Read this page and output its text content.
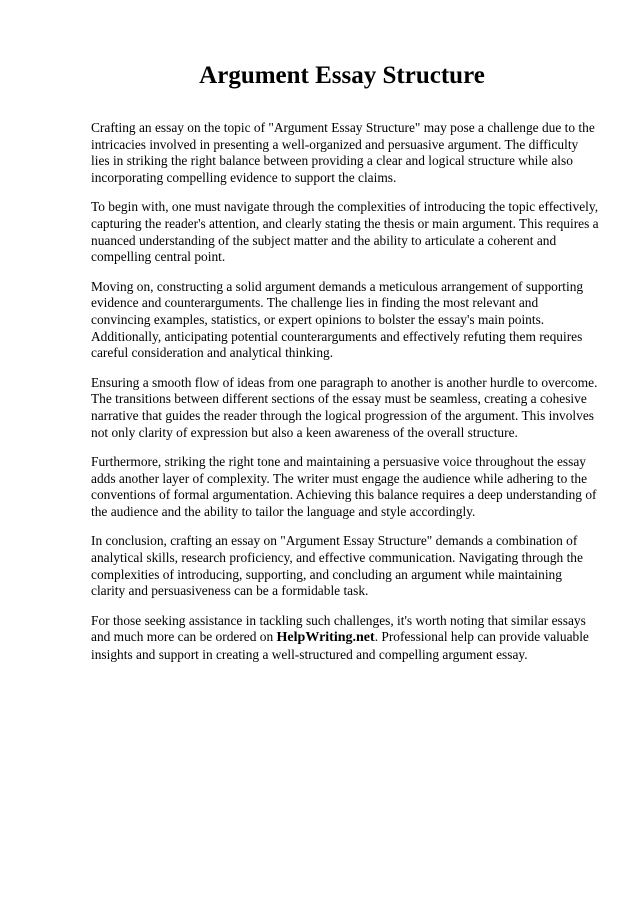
Argument Essay Structure

Crafting an essay on the topic of "Argument Essay Structure" may pose a challenge due to the intricacies involved in presenting a well-organized and persuasive argument. The difficulty lies in striking the right balance between providing a clear and logical structure while also incorporating compelling evidence to support the claims.

To begin with, one must navigate through the complexities of introducing the topic effectively, capturing the reader's attention, and clearly stating the thesis or main argument. This requires a nuanced understanding of the subject matter and the ability to articulate a coherent and compelling central point.

Moving on, constructing a solid argument demands a meticulous arrangement of supporting evidence and counterarguments. The challenge lies in finding the most relevant and convincing examples, statistics, or expert opinions to bolster the essay's main points. Additionally, anticipating potential counterarguments and effectively refuting them requires careful consideration and analytical thinking.

Ensuring a smooth flow of ideas from one paragraph to another is another hurdle to overcome. The transitions between different sections of the essay must be seamless, creating a cohesive narrative that guides the reader through the logical progression of the argument. This involves not only clarity of expression but also a keen awareness of the overall structure.

Furthermore, striking the right tone and maintaining a persuasive voice throughout the essay adds another layer of complexity. The writer must engage the audience while adhering to the conventions of formal argumentation. Achieving this balance requires a deep understanding of the audience and the ability to tailor the language and style accordingly.

In conclusion, crafting an essay on "Argument Essay Structure" demands a combination of analytical skills, research proficiency, and effective communication. Navigating through the complexities of introducing, supporting, and concluding an argument while maintaining clarity and persuasiveness can be a formidable task.

For those seeking assistance in tackling such challenges, it's worth noting that similar essays and much more can be ordered on HelpWriting.net. Professional help can provide valuable insights and support in creating a well-structured and compelling argument essay.
